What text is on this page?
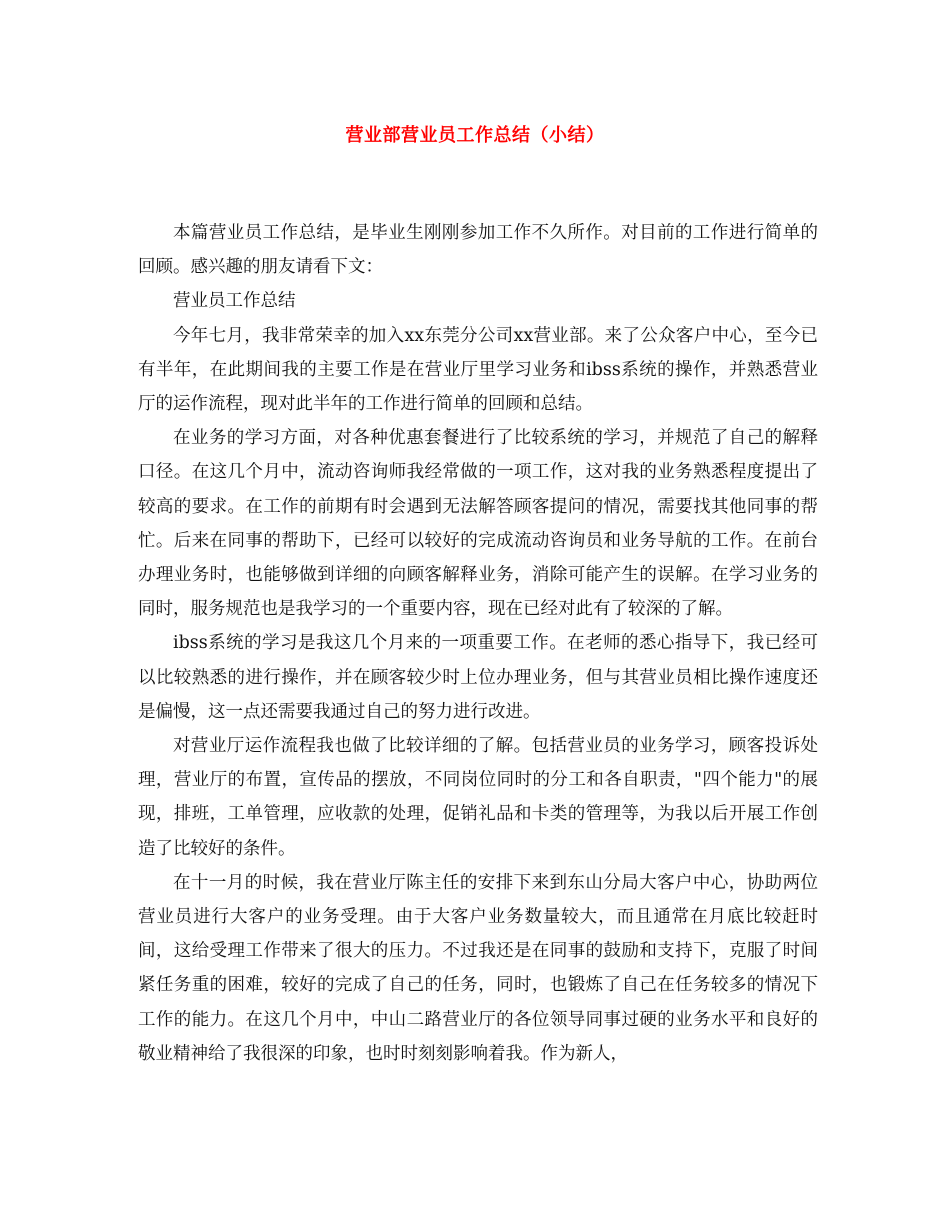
营业部营业员工作总结（小结）

本篇营业员工作总结，是毕业生刚刚参加工作不久所作。对目前的工作进行简单的回顾。感兴趣的朋友请看下文：

营业员工作总结

今年七月，我非常荣幸的加入xx东莞分公司xx营业部。来了公众客户中心，至今已有半年，在此期间我的主要工作是在营业厅里学习业务和ibss系统的操作，并熟悉营业厅的运作流程，现对此半年的工作进行简单的回顾和总结。

在业务的学习方面，对各种优惠套餐进行了比较系统的学习，并规范了自己的解释口径。在这几个月中，流动咨询师我经常做的一项工作，这对我的业务熟悉程度提出了较高的要求。在工作的前期有时会遇到无法解答顾客提问的情况，需要找其他同事的帮忙。后来在同事的帮助下，已经可以较好的完成流动咨询员和业务导航的工作。在前台办理业务时，也能够做到详细的向顾客解释业务，消除可能产生的误解。在学习业务的同时，服务规范也是我学习的一个重要内容，现在已经对此有了较深的了解。

ibss系统的学习是我这几个月来的一项重要工作。在老师的悉心指导下，我已经可以比较熟悉的进行操作，并在顾客较少时上位办理业务，但与其营业员相比操作速度还是偏慢，这一点还需要我通过自己的努力进行改进。

对营业厅运作流程我也做了比较详细的了解。包括营业员的业务学习，顾客投诉处理，营业厅的布置，宣传品的摆放，不同岗位同时的分工和各自职责，"四个能力"的展现，排班，工单管理，应收款的处理，促销礼品和卡类的管理等，为我以后开展工作创造了比较好的条件。

在十一月的时候，我在营业厅陈主任的安排下来到东山分局大客户中心，协助两位营业员进行大客户的业务受理。由于大客户业务数量较大，而且通常在月底比较赶时间，这给受理工作带来了很大的压力。不过我还是在同事的鼓励和支持下，克服了时间紧任务重的困难，较好的完成了自己的任务，同时，也锻炼了自己在任务较多的情况下工作的能力。在这几个月中，中山二路营业厅的各位领导同事过硬的业务水平和良好的敬业精神给了我很深的印象，也时时刻刻影响着我。作为新人，
